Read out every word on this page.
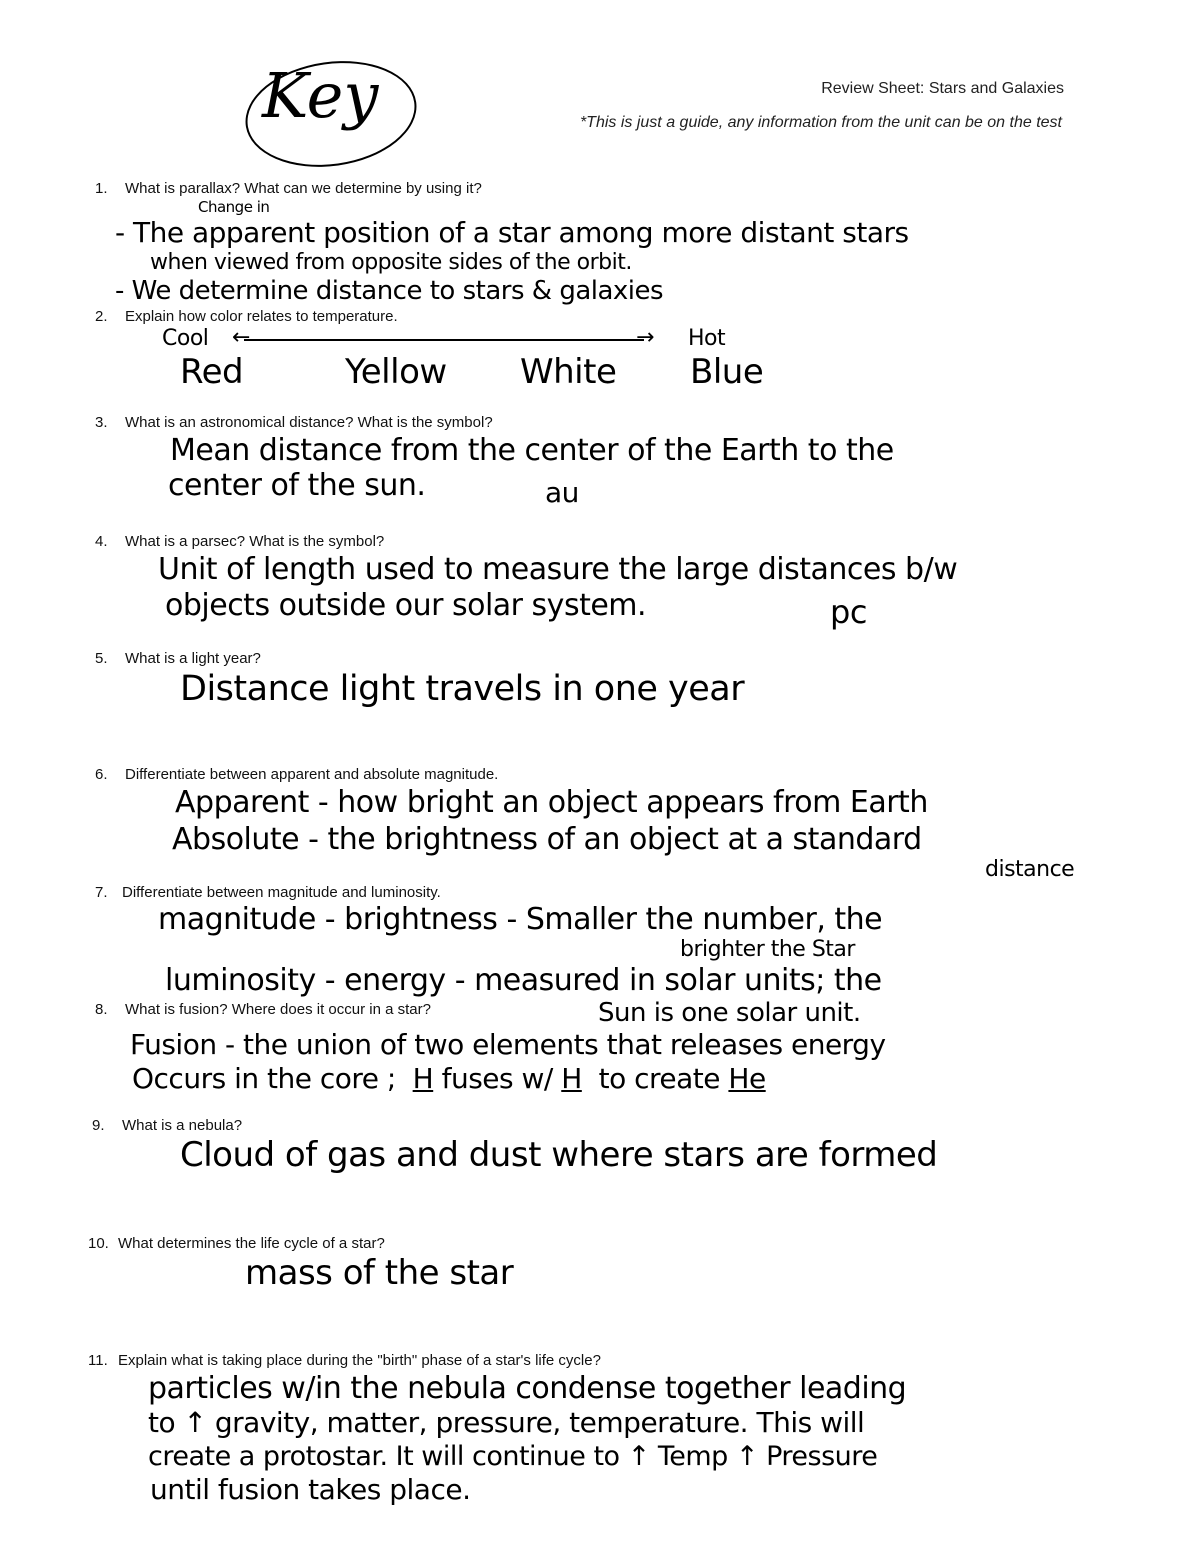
Key	Review Sheet: Stars and Galaxies
*This is just a guide, any information from the unit can be on the test
1. What is parallax? What can we determine by using it?
Change in
- The apparent position of a star among more distant stars
when viewed from opposite sides of the orbit.
- We determine distance to stars & galaxies
2. Explain how color relates to temperature.
Cool ←	→ Hot
Red	Yellow White Blue
3. What is an astronomical distance? What is the symbol?
Mean distance from the center of the Earth to the
center of the sun.	au
4. What is a parsec? What is the symbol?
Unit of length used to measure the large distances b/w
objects outside our solar system.	pc
5. What is a light year?
Distance light travels in one year
6. Differentiate between apparent and absolute magnitude.
Apparent - how bright an object appears from Earth
Absolute - the brightness of an object at a standard
distance
7. Differentiate between magnitude and luminosity.
magnitude - brightness - Smaller the number, the
brighter the Star
luminosity - energy - measured in solar units; the
Sun is one solar unit.
8. What is fusion? Where does it occur in a star?
Fusion - the union of two elements that releases energy
Occurs in the core ;  H fuses w/ H  to create He
9. What is a nebula?
Cloud of gas and dust where stars are formed
10. What determines the life cycle of a star?
mass of the star
11. Explain what is taking place during the "birth" phase of a star's life cycle?
particles w/in the nebula condense together leading
to ↑ gravity, matter, pressure, temperature. This will
create a protostar. It will continue to ↑ Temp ↑ Pressure
until fusion takes place.
